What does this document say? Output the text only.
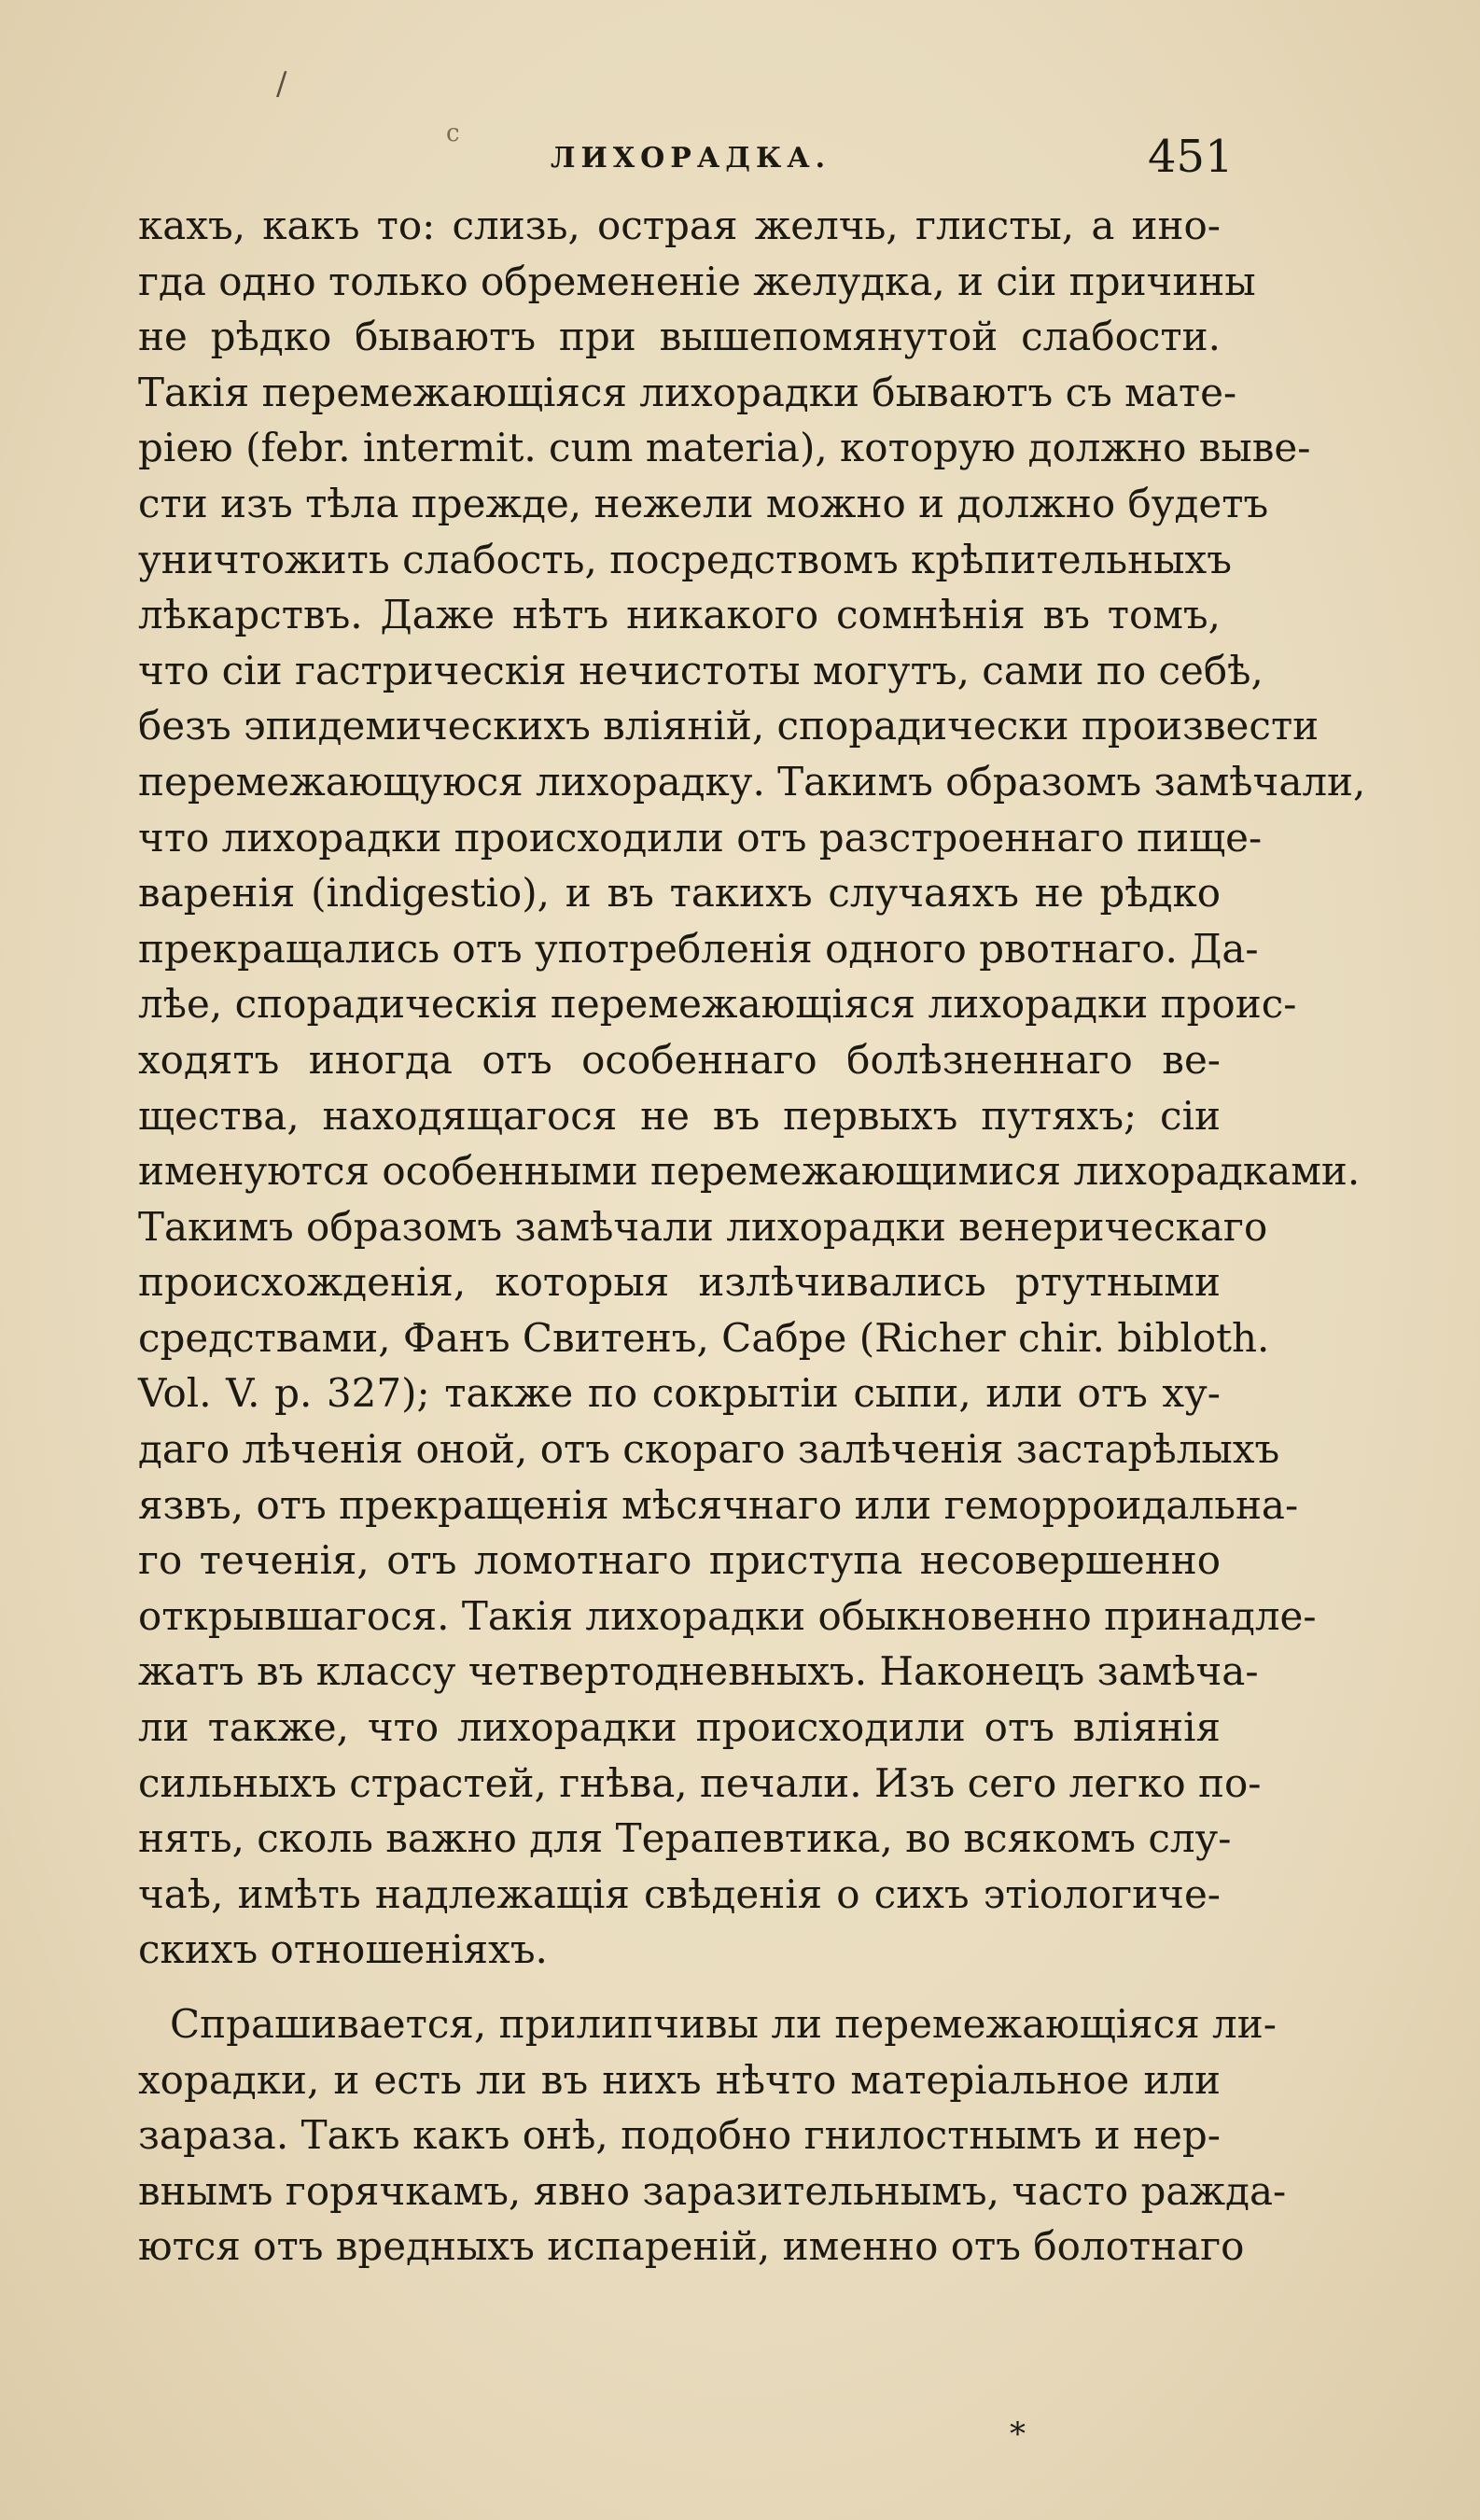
/
c
ЛИХОРАДКА.	451
кахъ, какъ то: слизь, острая желчь, глисты, а ино-
гда одно только обремененіе желудка, и сіи причины
не рѣдко бываютъ при вышепомянутой слабости.
Такія перемежающіяся лихорадки бываютъ съ мате-
ріею (febr. intermit. cum materia), которую должно выве-
сти изъ тѣла прежде, нежели можно и должно будетъ
уничтожить слабость, посредствомъ крѣпительныхъ
лѣкарствъ. Даже нѣтъ никакого сомнѣнія въ томъ,
что сіи гастрическія нечистоты могутъ, сами по себѣ,
безъ эпидемическихъ вліяній, спорадически произвести
перемежающуюся лихорадку. Такимъ образомъ замѣчали,
что лихорадки происходили отъ разстроеннаго пище-
варенія (indigestio), и въ такихъ случаяхъ не рѣдко
прекращались отъ употребленія одного рвотнаго. Да-
лѣе, спорадическія перемежающіяся лихорадки проис-
ходятъ иногда отъ особеннаго болѣзненнаго ве-
щества, находящагося не въ первыхъ путяхъ; сіи
именуются особенными перемежающимися лихорадками.
Такимъ образомъ замѣчали лихорадки венерическаго
происхожденія, которыя излѣчивались ртутными
средствами, Фанъ Свитенъ, Сабре (Richer chir. bibloth.
Vol. V. p. 327); также по сокрытіи сыпи, или отъ ху-
даго лѣченія оной, отъ скораго залѣченія застарѣлыхъ
язвъ, отъ прекращенія мѣсячнаго или геморроидальна-
го теченія, отъ ломотнаго приступа несовершенно
открывшагося. Такія лихорадки обыкновенно принадле-
жатъ въ классу четвертодневныхъ. Наконецъ замѣча-
ли также, что лихорадки происходили отъ вліянія
сильныхъ страстей, гнѣва, печали. Изъ сего легко по-
нять, сколь важно для Терапевтика, во всякомъ слу-
чаѣ, имѣть надлежащія свѣденія о сихъ этіологиче-
скихъ отношеніяхъ.
Спрашивается, прилипчивы ли перемежающіяся ли-
хорадки, и есть ли въ нихъ нѣчто матеріальное или
зараза. Такъ какъ онѣ, подобно гнилостнымъ и нер-
внымъ горячкамъ, явно заразительнымъ, часто ражда-
ются отъ вредныхъ испареній, именно отъ болотнаго
*
